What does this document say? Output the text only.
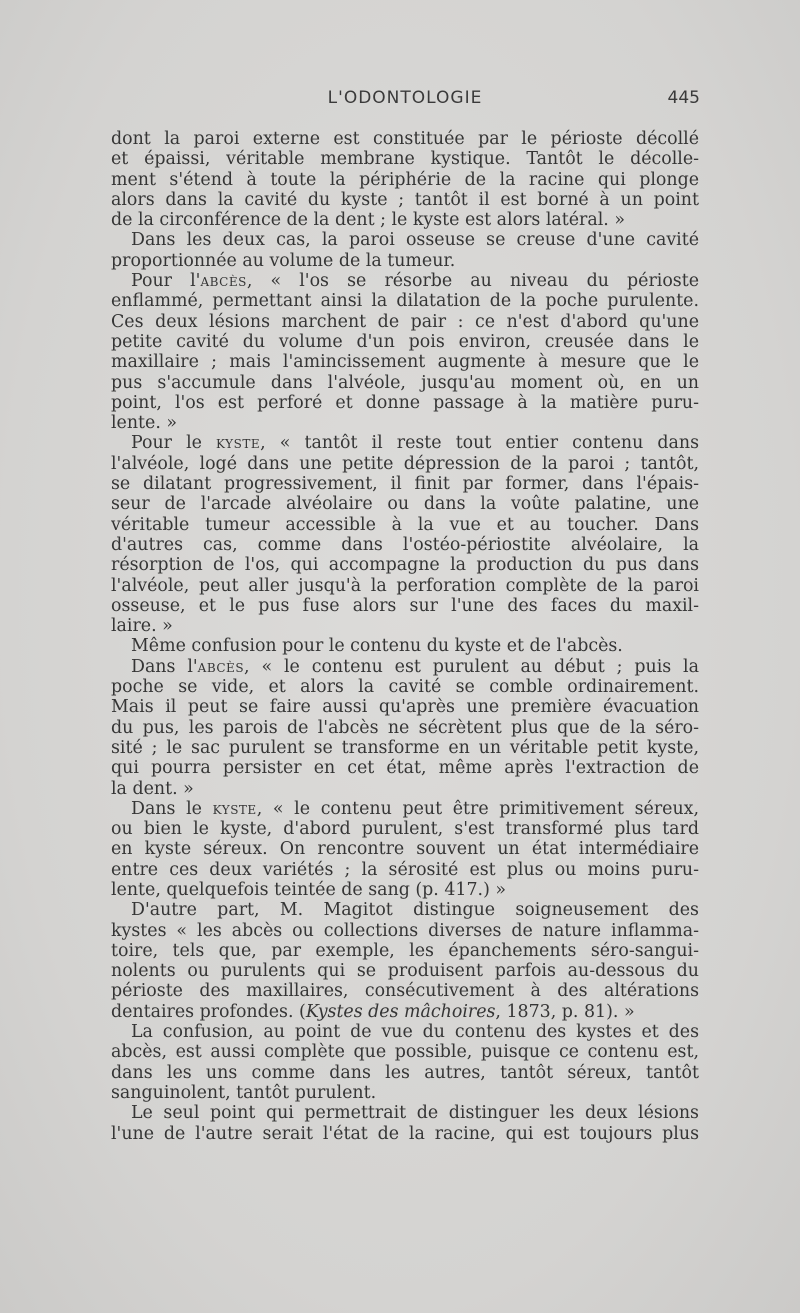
L'ODONTOLOGIE	445
dont la paroi externe est constituée par le périoste décollé
et épaissi, véritable membrane kystique. Tantôt le décolle-
ment s'étend à toute la périphérie de la racine qui plonge
alors dans la cavité du kyste ; tantôt il est borné à un point
de la circonférence de la dent ; le kyste est alors latéral. »
Dans les deux cas, la paroi osseuse se creuse d'une cavité
proportionnée au volume de la tumeur.
Pour l'abcès, « l'os se résorbe au niveau du périoste
enflammé, permettant ainsi la dilatation de la poche purulente.
Ces deux lésions marchent de pair : ce n'est d'abord qu'une
petite cavité du volume d'un pois environ, creusée dans le
maxillaire ; mais l'amincissement augmente à mesure que le
pus s'accumule dans l'alvéole, jusqu'au moment où, en un
point, l'os est perforé et donne passage à la matière puru-
lente. »
Pour le kyste, « tantôt il reste tout entier contenu dans
l'alvéole, logé dans une petite dépression de la paroi ; tantôt,
se dilatant progressivement, il finit par former, dans l'épais-
seur de l'arcade alvéolaire ou dans la voûte palatine, une
véritable tumeur accessible à la vue et au toucher. Dans
d'autres cas, comme dans l'ostéo-périostite alvéolaire, la
résorption de l'os, qui accompagne la production du pus dans
l'alvéole, peut aller jusqu'à la perforation complète de la paroi
osseuse, et le pus fuse alors sur l'une des faces du maxil-
laire. »
Même confusion pour le contenu du kyste et de l'abcès.
Dans l'abcès, « le contenu est purulent au début ; puis la
poche se vide, et alors la cavité se comble ordinairement.
Mais il peut se faire aussi qu'après une première évacuation
du pus, les parois de l'abcès ne sécrètent plus que de la séro-
sité ; le sac purulent se transforme en un véritable petit kyste,
qui pourra persister en cet état, même après l'extraction de
la dent. »
Dans le kyste, « le contenu peut être primitivement séreux,
ou bien le kyste, d'abord purulent, s'est transformé plus tard
en kyste séreux. On rencontre souvent un état intermédiaire
entre ces deux variétés ; la sérosité est plus ou moins puru-
lente, quelquefois teintée de sang (p. 417.) »
D'autre part, M. Magitot distingue soigneusement des
kystes « les abcès ou collections diverses de nature inflamma-
toire, tels que, par exemple, les épanchements séro-sangui-
nolents ou purulents qui se produisent parfois au-dessous du
périoste des maxillaires, consécutivement à des altérations
dentaires profondes. (Kystes des mâchoires, 1873, p. 81). »
La confusion, au point de vue du contenu des kystes et des
abcès, est aussi complète que possible, puisque ce contenu est,
dans les uns comme dans les autres, tantôt séreux, tantôt
sanguinolent, tantôt purulent.
Le seul point qui permettrait de distinguer les deux lésions
l'une de l'autre serait l'état de la racine, qui est toujours plus
